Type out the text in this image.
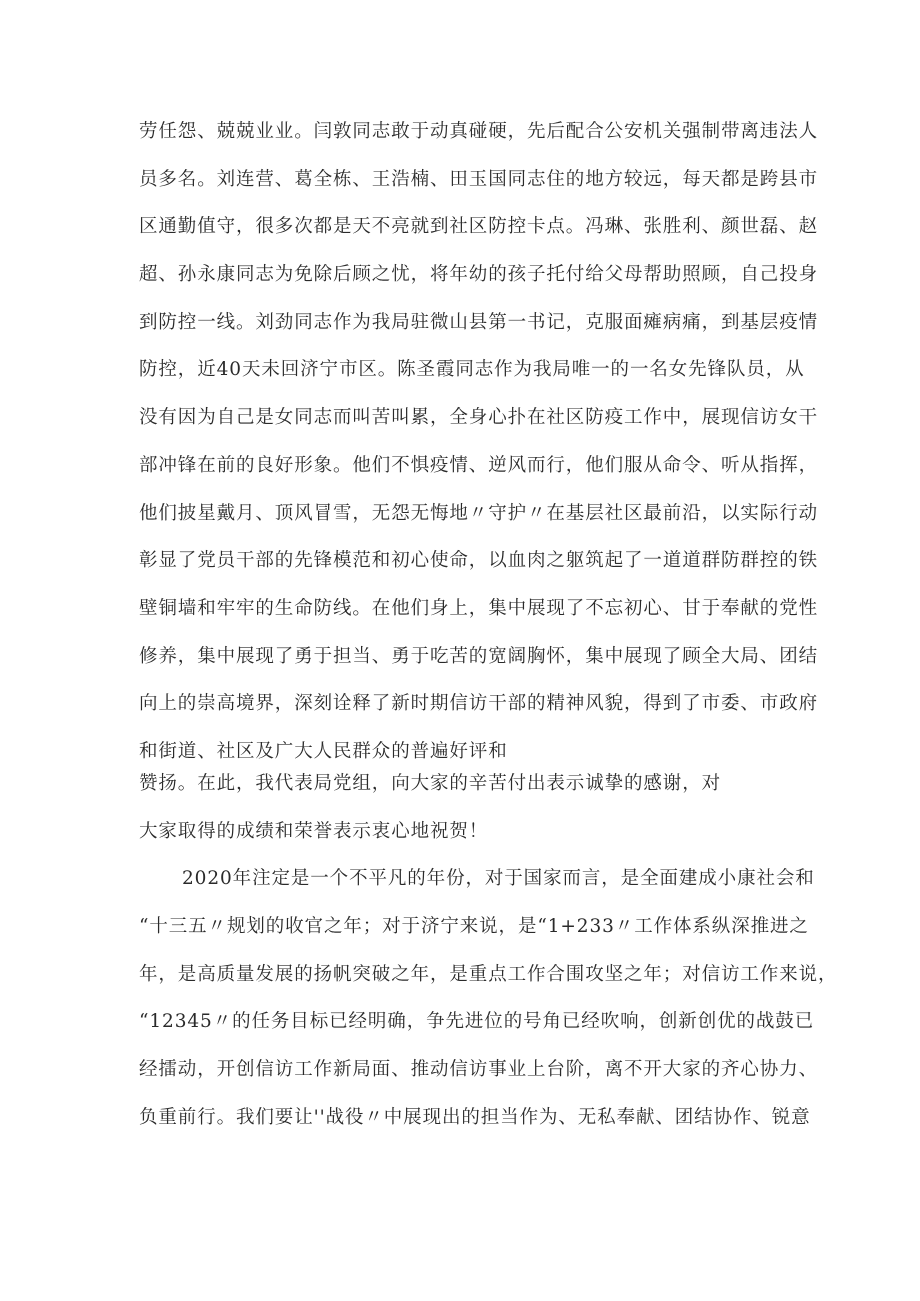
劳任怨、兢兢业业。闫敦同志敢于动真碰硬，先后配合公安机关强制带离违法人
员多名。刘连营、葛全栋、王浩楠、田玉国同志住的地方较远，每天都是跨县市
区通勤值守，很多次都是天不亮就到社区防控卡点。冯琳、张胜利、颜世磊、赵
超、孙永康同志为免除后顾之忧，将年幼的孩子托付给父母帮助照顾，自己投身
到防控一线。刘劲同志作为我局驻微山县第一书记，克服面瘫病痛，到基层疫情
防控，近40天未回济宁市区。陈圣霞同志作为我局唯一的一名女先锋队员，从
没有因为自己是女同志而叫苦叫累，全身心扑在社区防疫工作中，展现信访女干
部冲锋在前的良好形象。他们不惧疫情、逆风而行，他们服从命令、听从指挥，
他们披星戴月、顶风冒雪，无怨无悔地〃守护〃在基层社区最前沿，以实际行动
彰显了党员干部的先锋模范和初心使命，以血肉之躯筑起了一道道群防群控的铁
壁铜墙和牢牢的生命防线。在他们身上，集中展现了不忘初心、甘于奉献的党性
修养，集中展现了勇于担当、勇于吃苦的宽阔胸怀，集中展现了顾全大局、团结
向上的崇高境界，深刻诠释了新时期信访干部的精神风貌，得到了市委、市政府
和街道、社区及广大人民群众的普遍好评和
赞扬。在此，我代表局党组，向大家的辛苦付出表示诚挚的感谢，对
大家取得的成绩和荣誉表示衷心地祝贺！
2020年注定是一个不平凡的年份，对于国家而言，是全面建成小康社会和
“十三五〃规划的收官之年；对于济宁来说，是“1+233〃工作体系纵深推进之
年，是高质量发展的扬帆突破之年，是重点工作合围攻坚之年；对信访工作来说，
“12345〃的任务目标已经明确，争先进位的号角已经吹响，创新创优的战鼓已
经擂动，开创信访工作新局面、推动信访事业上台阶，离不开大家的齐心协力、
负重前行。我们要让''战役〃中展现出的担当作为、无私奉献、团结协作、锐意
